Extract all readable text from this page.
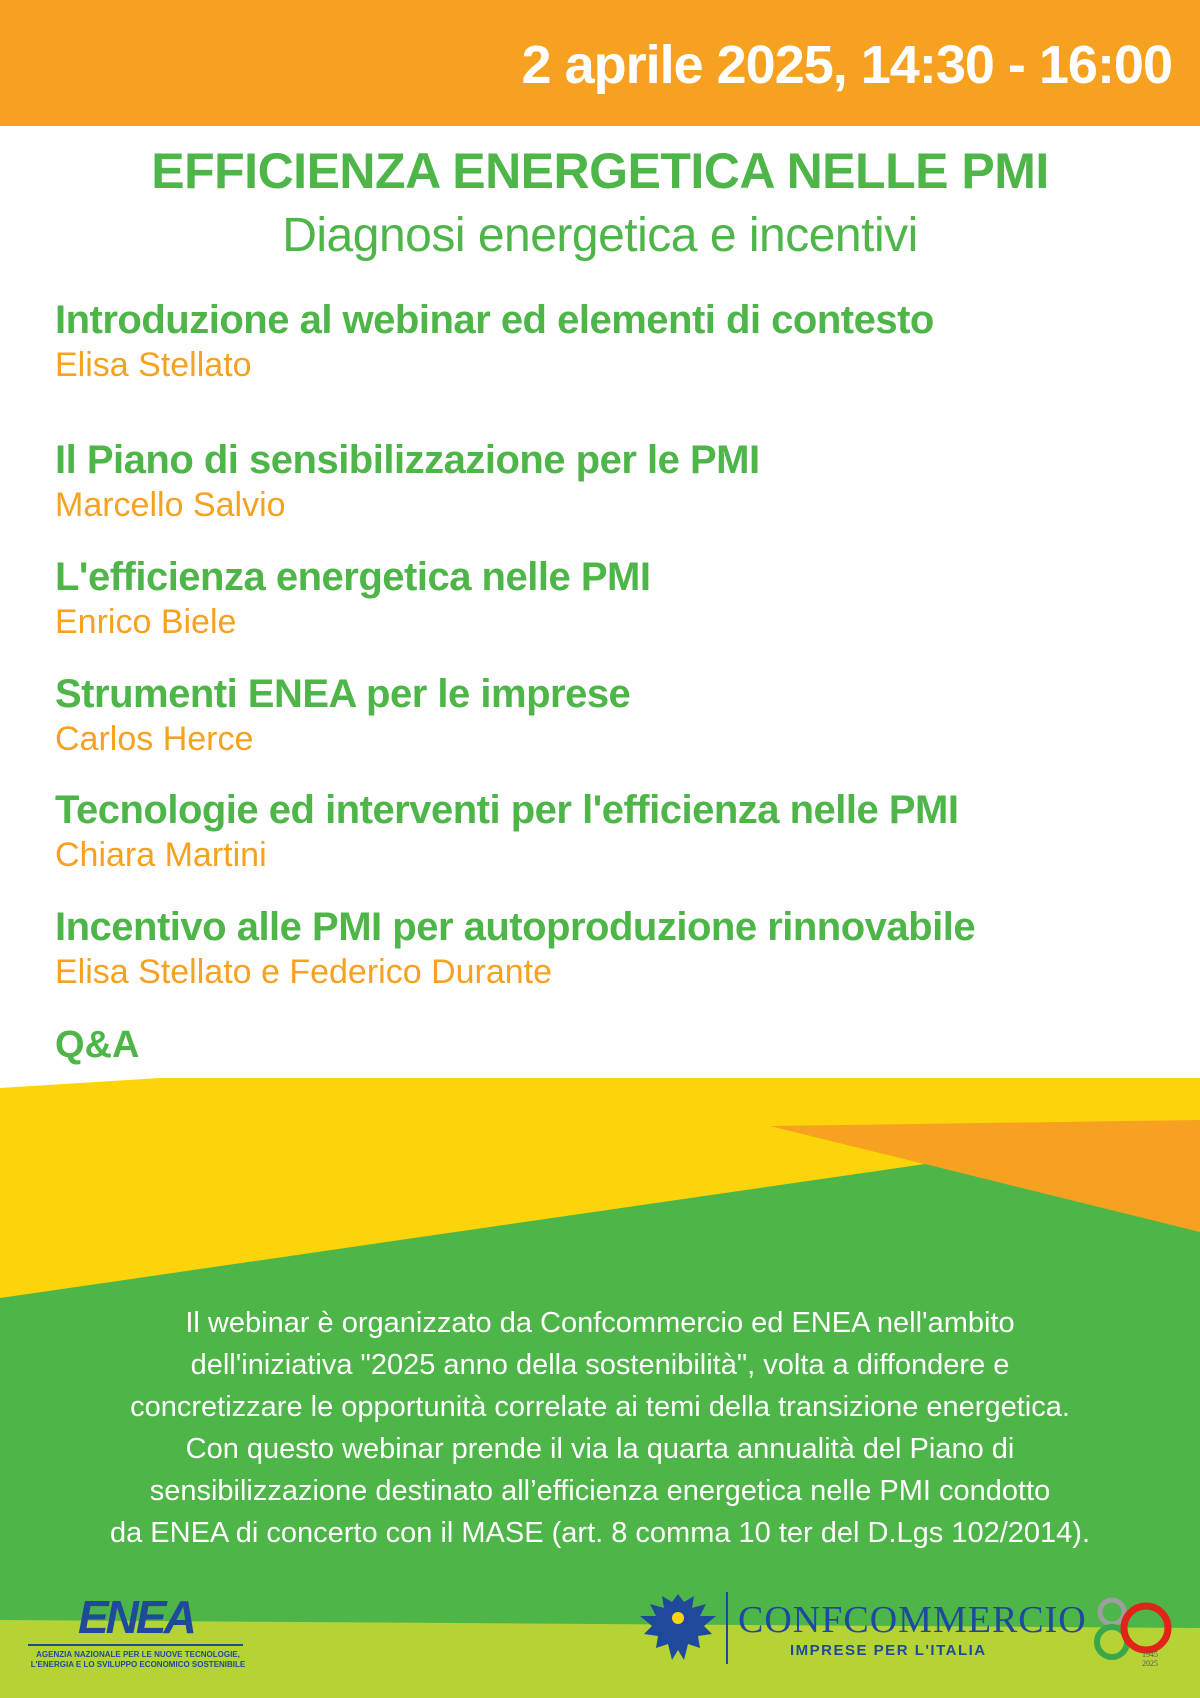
2 aprile 2025, 14:30 - 16:00
EFFICIENZA ENERGETICA NELLE PMI
Diagnosi energetica e incentivi
Introduzione al webinar ed elementi di contesto
Elisa Stellato
Il Piano di sensibilizzazione per le PMI
Marcello Salvio
L'efficienza energetica nelle PMI
Enrico Biele
Strumenti ENEA per le imprese
Carlos Herce
Tecnologie ed interventi per l'efficienza nelle PMI
Chiara Martini
Incentivo alle PMI per autoproduzione rinnovabile
Elisa Stellato e Federico Durante
Q&A
Il webinar è organizzato da Confcommercio ed ENEA nell'ambito
dell'iniziativa "2025 anno della sostenibilità", volta a diffondere e
concretizzare le opportunità correlate ai temi della transizione energetica.
Con questo webinar prende il via la quarta annualità del Piano di
sensibilizzazione destinato all’efficienza energetica nelle PMI condotto
da ENEA di concerto con il MASE (art. 8 comma 10 ter del D.Lgs 102/2014).
ENEA
AGENZIA NAZIONALE PER LE NUOVE TECNOLOGIE,
L'ENERGIA E LO SVILUPPO ECONOMICO SOSTENIBILE
CONFCOMMERCIO
IMPRESE PER L'ITALIA	1945
2025
